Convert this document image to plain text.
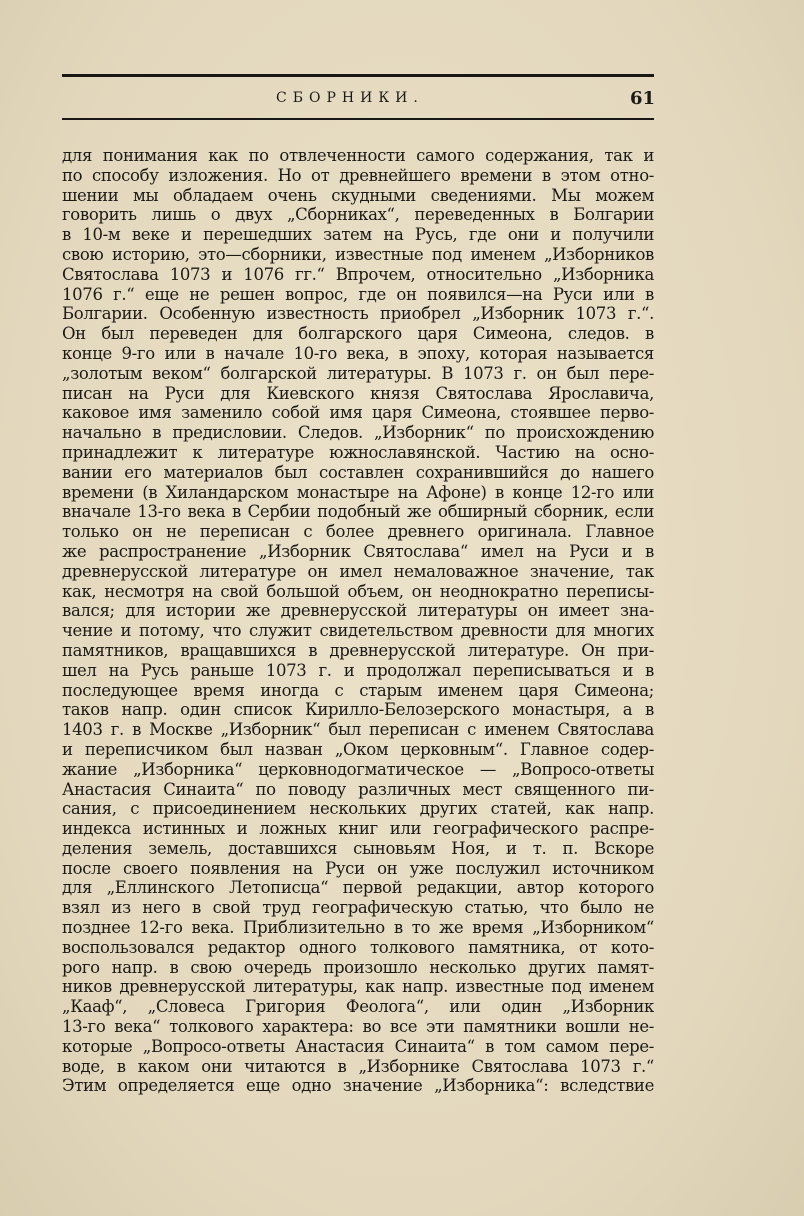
СБОРНИКИ.	61
для понимания как по отвлеченности самого содержания, так и
по способу изложения. Но от древнейшего времени в этом отно-
шении мы обладаем очень скудными сведениями. Мы можем
говорить лишь о двух „Сборниках“, переведенных в Болгарии
в 10-м веке и перешедших затем на Русь, где они и получили
свою историю, это—сборники, известные под именем „Изборников
Святослава 1073 и 1076 гг.“ Впрочем, относительно „Изборника
1076 г.“ еще не решен вопрос, где он появился—на Руси или в
Болгарии. Особенную известность приобрел „Изборник 1073 г.“.
Он был переведен для болгарского царя Симеона, следов. в
конце 9-го или в начале 10-го века, в эпоху, которая называется
„золотым веком“ болгарской литературы. В 1073 г. он был пере-
писан на Руси для Киевского князя Святослава Ярославича,
каковое имя заменило собой имя царя Симеона, стоявшее перво-
начально в предисловии. Следов. „Изборник“ по происхождению
принадлежит к литературе южнославянской. Частию на осно-
вании его материалов был составлен сохранившийся до нашего
времени (в Хиландарском монастыре на Афоне) в конце 12-го или
вначале 13-го века в Сербии подобный же обширный сборник, если
только он не переписан с более древнего оригинала. Главное
же распространение „Изборник Святослава“ имел на Руси и в
древнерусской литературе он имел немаловажное значение, так
как, несмотря на свой большой объем, он неоднократно переписы-
вался; для истории же древнерусской литературы он имеет зна-
чение и потому, что служит свидетельством древности для многих
памятников, вращавшихся в древнерусской литературе. Он при-
шел на Русь раньше 1073 г. и продолжал переписываться и в
последующее время иногда с старым именем царя Симеона;
таков напр. один список Кирилло-Белозерского монастыря, а в
1403 г. в Москве „Изборник“ был переписан с именем Святослава
и переписчиком был назван „Оком церковным“. Главное содер-
жание „Изборника“ церковнодогматическое — „Вопросо-ответы
Анастасия Синаита“ по поводу различных мест священного пи-
сания, с присоединением нескольких других статей, как напр.
индекса истинных и ложных книг или географического распре-
деления земель, доставшихся сыновьям Ноя, и т. п. Вскоре
после своего появления на Руси он уже послужил источником
для „Еллинского Летописца“ первой редакции, автор которого
взял из него в свой труд географическую статью, что было не
позднее 12-го века. Приблизительно в то же время „Изборником“
воспользовался редактор одного толкового памятника, от кото-
рого напр. в свою очередь произошло несколько других памят-
ников древнерусской литературы, как напр. известные под именем
„Кааф“, „Словеса Григория Феолога“, или один „Изборник
13-го века“ толкового характера: во все эти памятники вошли не-
которые „Вопросо-ответы Анастасия Синаита“ в том самом пере-
воде, в каком они читаются в „Изборнике Святослава 1073 г.“
Этим определяется еще одно значение „Изборника“: вследствие
